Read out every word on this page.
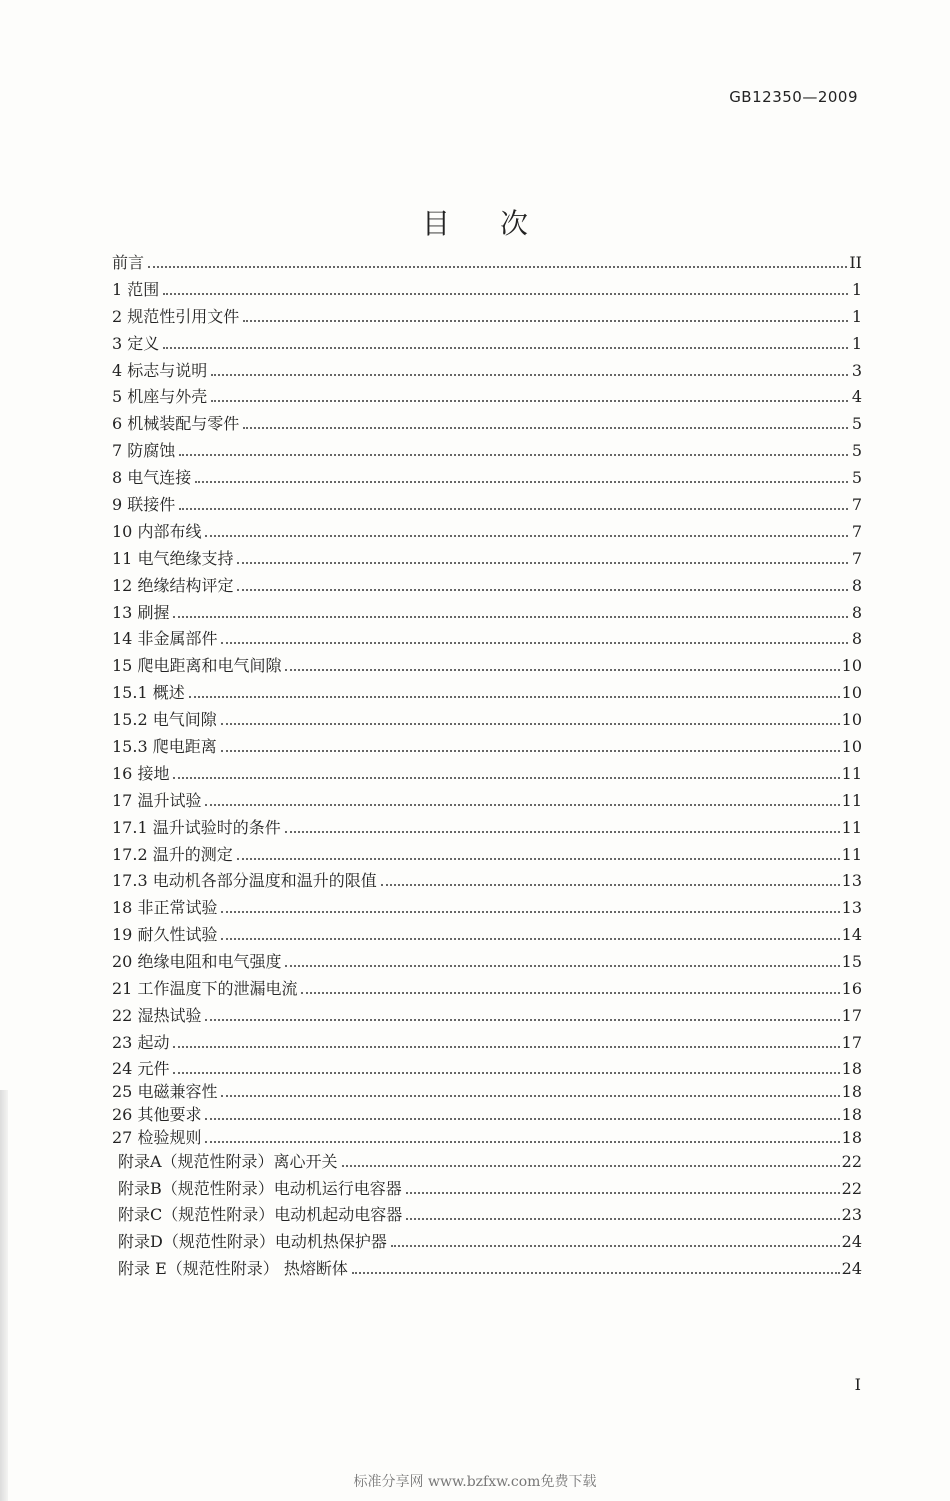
GB12350—2009
目次
前言	II
1 范围	1
2 规范性引用文件	1
3 定义	1
4 标志与说明	3
5 机座与外壳	4
6 机械装配与零件	5
7 防腐蚀	5
8 电气连接	5
9 联接件	7
10 内部布线	7
11 电气绝缘支持	7
12 绝缘结构评定	8
13 刷握	8
14 非金属部件	8
15 爬电距离和电气间隙	10
15.1 概述	10
15.2 电气间隙	10
15.3 爬电距离	10
16 接地	11
17 温升试验	11
17.1 温升试验时的条件	11
17.2 温升的测定	11
17.3 电动机各部分温度和温升的限值	13
18 非正常试验	13
19 耐久性试验	14
20 绝缘电阻和电气强度	15
21 工作温度下的泄漏电流	16
22 湿热试验	17
23 起动	17
24 元件	18
25 电磁兼容性	18
26 其他要求	18
27 检验规则	18
附录A（规范性附录）离心开关	22
附录B（规范性附录）电动机运行电容器	22
附录C（规范性附录）电动机起动电容器	23
附录D（规范性附录）电动机热保护器	24
附录 E（规范性附录） 热熔断体	24
I
标准分享网 www.bzfxw.com免费下载
